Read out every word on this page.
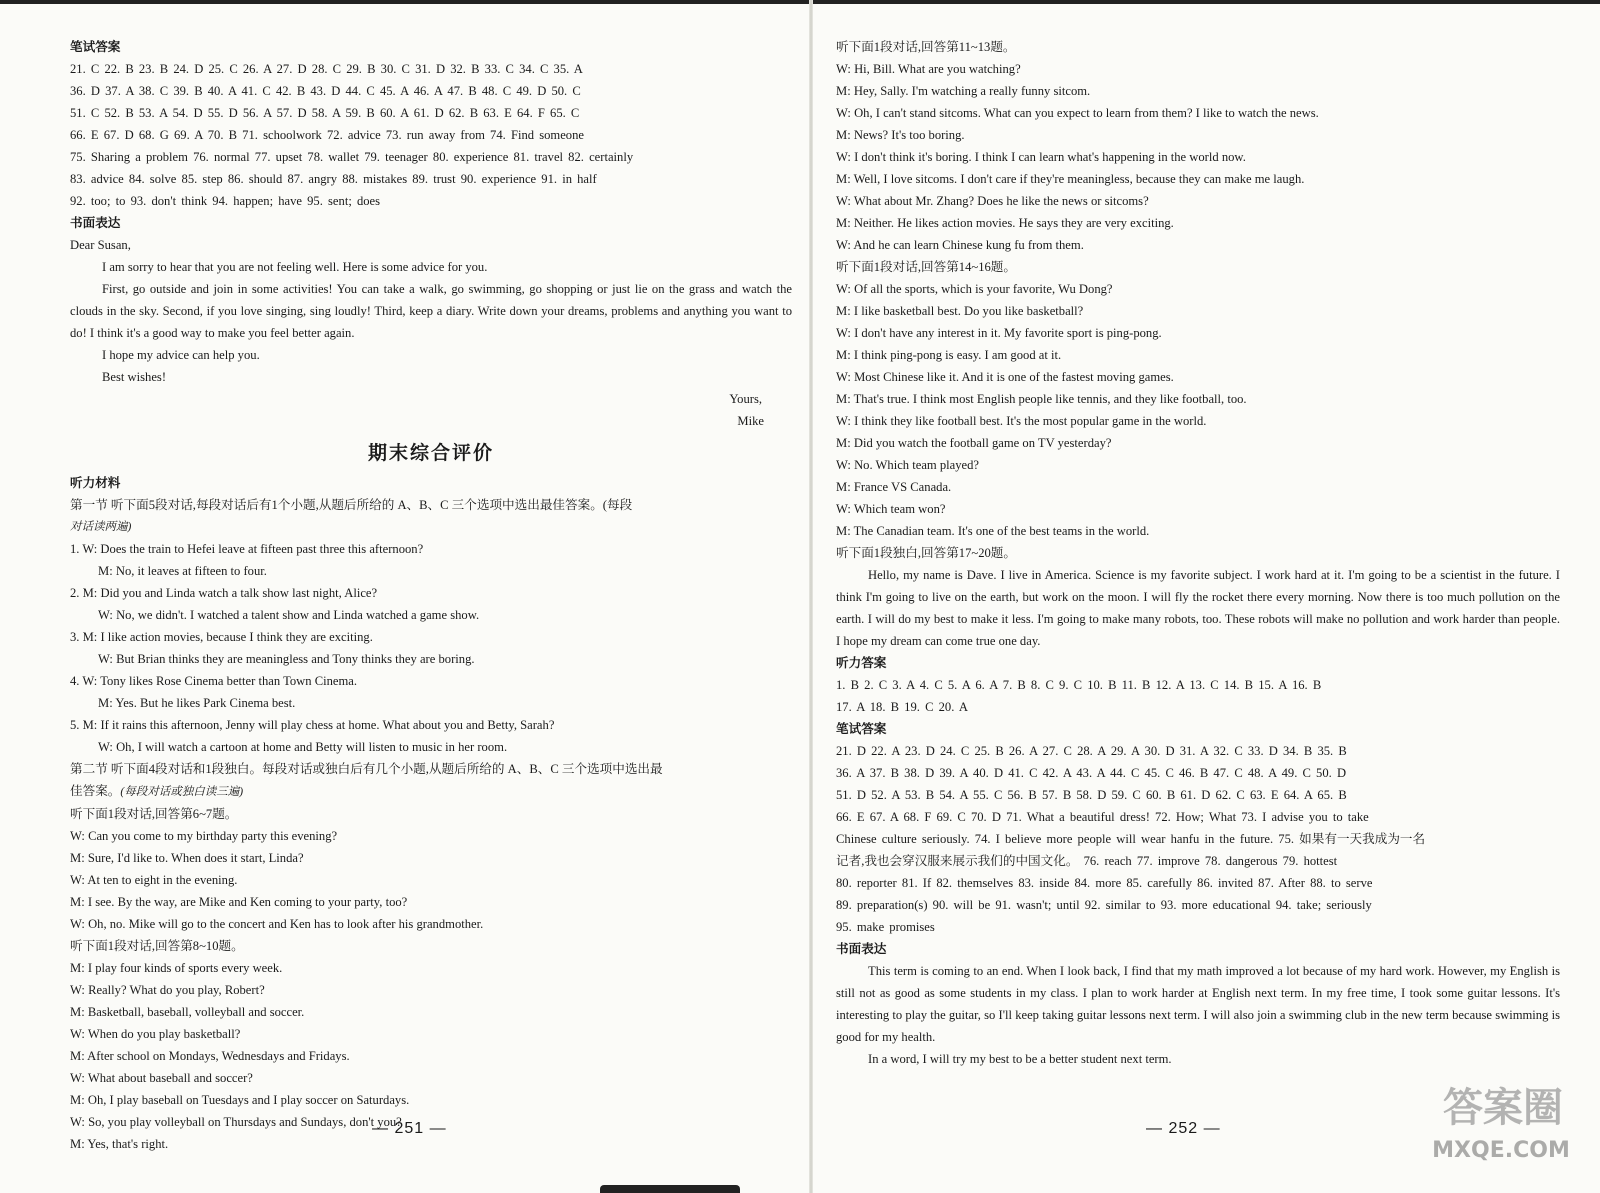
笔试答案
21. C 22. B 23. B 24. D 25. C 26. A 27. D 28. C 29. B 30. C 31. D 32. B 33. C 34. C 35. A
36. D 37. A 38. C 39. B 40. A 41. C 42. B 43. D 44. C 45. A 46. A 47. B 48. C 49. D 50. C
51. C 52. B 53. A 54. D 55. D 56. A 57. D 58. A 59. B 60. A 61. D 62. B 63. E 64. F 65. C
66. E 67. D 68. G 69. A 70. B 71. schoolwork 72. advice 73. run away from 74. Find someone
75. Sharing a problem 76. normal 77. upset 78. wallet 79. teenager 80. experience 81. travel 82. certainly
83. advice 84. solve 85. step 86. should 87. angry 88. mistakes 89. trust 90. experience 91. in half
92. too; to 93. don't think 94. happen; have 95. sent; does
书面表达
Dear Susan,
I am sorry to hear that you are not feeling well. Here is some advice for you.
First, go outside and join in some activities! You can take a walk, go swimming, go shopping or just lie on the grass and watch the clouds in the sky. Second, if you love singing, sing loudly! Third, keep a diary. Write down your dreams, problems and anything you want to do! I think it's a good way to make you feel better again.
I hope my advice can help you.
Best wishes!
Yours,
Mike
期末综合评价
听力材料
第一节 听下面5段对话,每段对话后有1个小题,从题后所给的 A、B、C 三个选项中选出最佳答案。(每段
对话读两遍)
1. W: Does the train to Hefei leave at fifteen past three this afternoon?
M: No, it leaves at fifteen to four.
2. M: Did you and Linda watch a talk show last night, Alice?
W: No, we didn't. I watched a talent show and Linda watched a game show.
3. M: I like action movies, because I think they are exciting.
W: But Brian thinks they are meaningless and Tony thinks they are boring.
4. W: Tony likes Rose Cinema better than Town Cinema.
M: Yes. But he likes Park Cinema best.
5. M: If it rains this afternoon, Jenny will play chess at home. What about you and Betty, Sarah?
W: Oh, I will watch a cartoon at home and Betty will listen to music in her room.
第二节 听下面4段对话和1段独白。每段对话或独白后有几个小题,从题后所给的 A、B、C 三个选项中选出最
佳答案。(每段对话或独白读三遍)
听下面1段对话,回答第6~7题。
W: Can you come to my birthday party this evening?
M: Sure, I'd like to. When does it start, Linda?
W: At ten to eight in the evening.
M: I see. By the way, are Mike and Ken coming to your party, too?
W: Oh, no. Mike will go to the concert and Ken has to look after his grandmother.
听下面1段对话,回答第8~10题。
M: I play four kinds of sports every week.
W: Really? What do you play, Robert?
M: Basketball, baseball, volleyball and soccer.
W: When do you play basketball?
M: After school on Mondays, Wednesdays and Fridays.
W: What about baseball and soccer?
M: Oh, I play baseball on Tuesdays and I play soccer on Saturdays.
W: So, you play volleyball on Thursdays and Sundays, don't you?
M: Yes, that's right.
— 251 —
听下面1段对话,回答第11~13题。
W: Hi, Bill. What are you watching?
M: Hey, Sally. I'm watching a really funny sitcom.
W: Oh, I can't stand sitcoms. What can you expect to learn from them? I like to watch the news.
M: News? It's too boring.
W: I don't think it's boring. I think I can learn what's happening in the world now.
M: Well, I love sitcoms. I don't care if they're meaningless, because they can make me laugh.
W: What about Mr. Zhang? Does he like the news or sitcoms?
M: Neither. He likes action movies. He says they are very exciting.
W: And he can learn Chinese kung fu from them.
听下面1段对话,回答第14~16题。
W: Of all the sports, which is your favorite, Wu Dong?
M: I like basketball best. Do you like basketball?
W: I don't have any interest in it. My favorite sport is ping-pong.
M: I think ping-pong is easy. I am good at it.
W: Most Chinese like it. And it is one of the fastest moving games.
M: That's true. I think most English people like tennis, and they like football, too.
W: I think they like football best. It's the most popular game in the world.
M: Did you watch the football game on TV yesterday?
W: No. Which team played?
M: France VS Canada.
W: Which team won?
M: The Canadian team. It's one of the best teams in the world.
听下面1段独白,回答第17~20题。
Hello, my name is Dave. I live in America. Science is my favorite subject. I work hard at it. I'm going to be a scientist in the future. I think I'm going to live on the earth, but work on the moon. I will fly the rocket there every morning. Now there is too much pollution on the earth. I will do my best to make it less. I'm going to make many robots, too. These robots will make no pollution and work harder than people. I hope my dream can come true one day.
听力答案
1. B 2. C 3. A 4. C 5. A 6. A 7. B 8. C 9. C 10. B 11. B 12. A 13. C 14. B 15. A 16. B
17. A 18. B 19. C 20. A
笔试答案
21. D 22. A 23. D 24. C 25. B 26. A 27. C 28. A 29. A 30. D 31. A 32. C 33. D 34. B 35. B
36. A 37. B 38. D 39. A 40. D 41. C 42. A 43. A 44. C 45. C 46. B 47. C 48. A 49. C 50. D
51. D 52. A 53. B 54. A 55. C 56. B 57. B 58. D 59. C 60. B 61. D 62. C 63. E 64. A 65. B
66. E 67. A 68. F 69. C 70. D 71. What a beautiful dress! 72. How; What 73. I advise you to take
Chinese culture seriously. 74. I believe more people will wear hanfu in the future. 75. 如果有一天我成为一名
记者,我也会穿汉服来展示我们的中国文化。 76. reach 77. improve 78. dangerous 79. hottest
80. reporter 81. If 82. themselves 83. inside 84. more 85. carefully 86. invited 87. After 88. to serve
89. preparation(s) 90. will be 91. wasn't; until 92. similar to 93. more educational 94. take; seriously
95. make promises
书面表达
This term is coming to an end. When I look back, I find that my math improved a lot because of my hard work. However, my English is still not as good as some students in my class. I plan to work harder at English next term. In my free time, I took some guitar lessons. It's interesting to play the guitar, so I'll keep taking guitar lessons next term. I will also join a swimming club in the new term because swimming is good for my health.
In a word, I will try my best to be a better student next term.
— 252 —	答案圈
MXQE.COM
